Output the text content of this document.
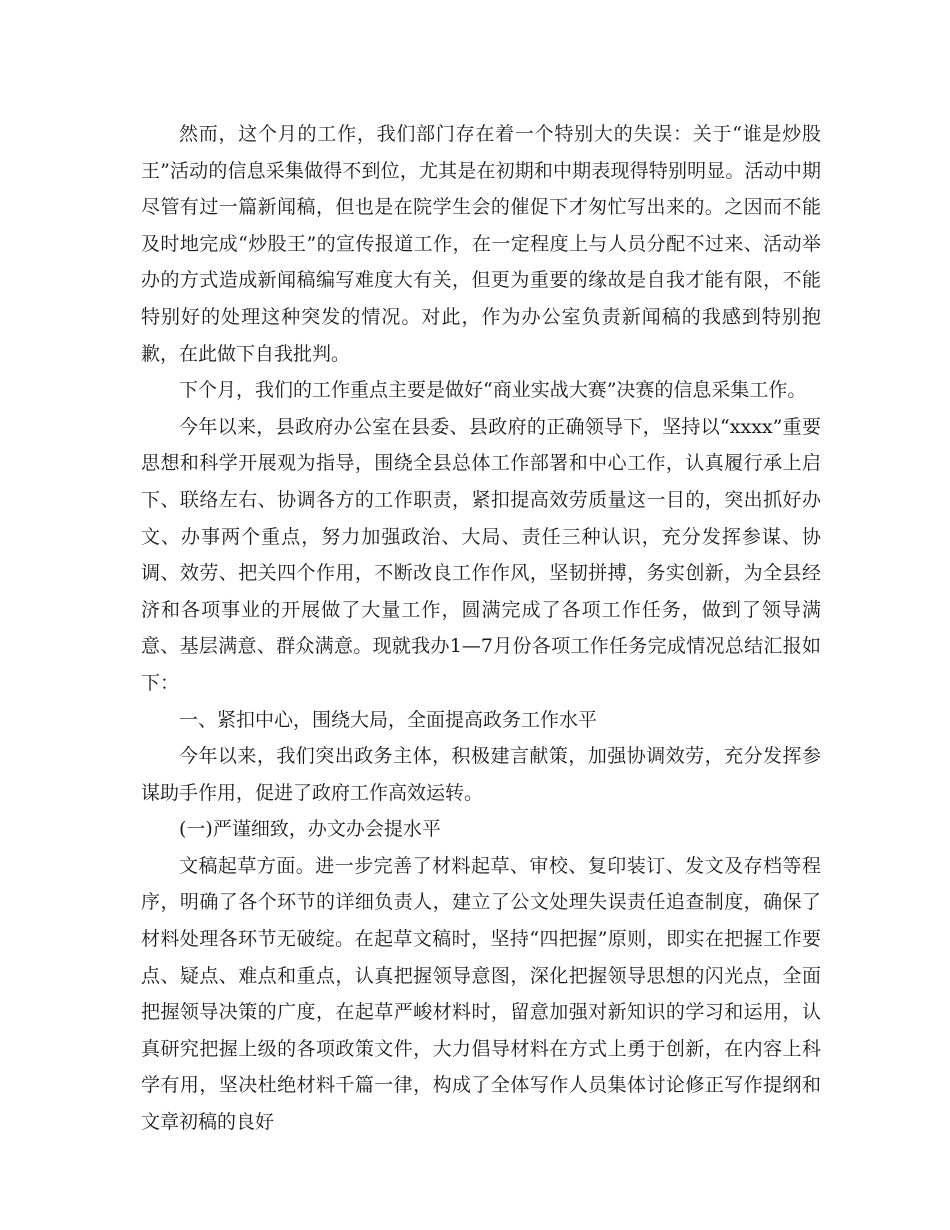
然而，这个月的工作，我们部门存在着一个特别大的失误：关于“谁是炒股王”活动的信息采集做得不到位，尤其是在初期和中期表现得特别明显。活动中期尽管有过一篇新闻稿，但也是在院学生会的催促下才匆忙写出来的。之因而不能及时地完成“炒股王”的宣传报道工作，在一定程度上与人员分配不过来、活动举办的方式造成新闻稿编写难度大有关，但更为重要的缘故是自我才能有限，不能特别好的处理这种突发的情况。对此，作为办公室负责新闻稿的我感到特别抱歉，在此做下自我批判。

下个月，我们的工作重点主要是做好“商业实战大赛”决赛的信息采集工作。

今年以来，县政府办公室在县委、县政府的正确领导下，坚持以“xxxx”重要思想和科学开展观为指导，围绕全县总体工作部署和中心工作，认真履行承上启下、联络左右、协调各方的工作职责，紧扣提高效劳质量这一目的，突出抓好办文、办事两个重点，努力加强政治、大局、责任三种认识，充分发挥参谋、协调、效劳、把关四个作用，不断改良工作作风，坚韧拼搏，务实创新，为全县经济和各项事业的开展做了大量工作，圆满完成了各项工作任务，做到了领导满意、基层满意、群众满意。现就我办1—7月份各项工作任务完成情况总结汇报如下：

一、紧扣中心，围绕大局，全面提高政务工作水平

今年以来，我们突出政务主体，积极建言献策，加强协调效劳，充分发挥参谋助手作用，促进了政府工作高效运转。

(一)严谨细致，办文办会提水平

文稿起草方面。进一步完善了材料起草、审校、复印装订、发文及存档等程序，明确了各个环节的详细负责人，建立了公文处理失误责任追查制度，确保了材料处理各环节无破绽。在起草文稿时，坚持“四把握”原则，即实在把握工作要点、疑点、难点和重点，认真把握领导意图，深化把握领导思想的闪光点，全面把握领导决策的广度，在起草严峻材料时，留意加强对新知识的学习和运用，认真研究把握上级的各项政策文件，大力倡导材料在方式上勇于创新，在内容上科学有用，坚决杜绝材料千篇一律，构成了全体写作人员集体讨论修正写作提纲和文章初稿的良好
